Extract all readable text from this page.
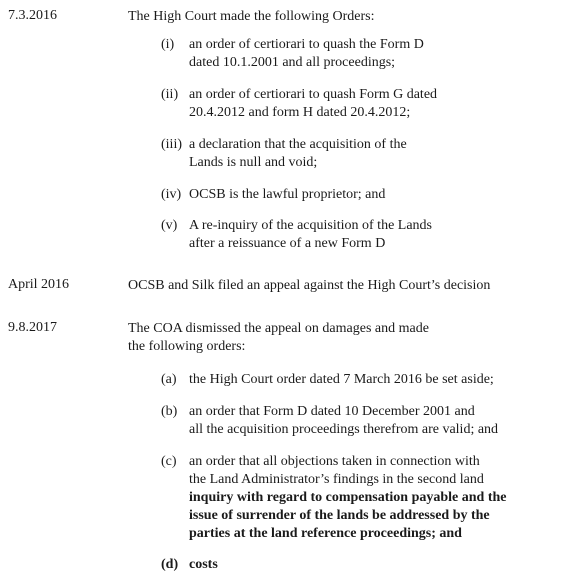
7.3.2016	The High Court made the following Orders:

(i) an order of certiorari to quash the Form D
dated 10.1.2001 and all proceedings;
(ii) an order of certiorari to quash Form G dated
20.4.2012 and form H dated 20.4.2012;
(iii) a declaration that the acquisition of the
Lands is null and void;
(iv) OCSB is the lawful proprietor; and
(v) A re-inquiry of the acquisition of the Lands
after a reissuance of a new Form D
April 2016	OCSB and Silk filed an appeal against the High Court’s decision

9.8.2017	The COA dismissed the appeal on damages and made

the following orders:

(a) the High Court order dated 7 March 2016 be set aside;
(b) an order that Form D dated 10 December 2001 and
all the acquisition proceedings therefrom are valid; and
(c) an order that all objections taken in connection with
the Land Administrator’s findings in the second land
inquiry with regard to compensation payable and the
issue of surrender of the lands be addressed by the
parties at the land reference proceedings; and
(d) costs
